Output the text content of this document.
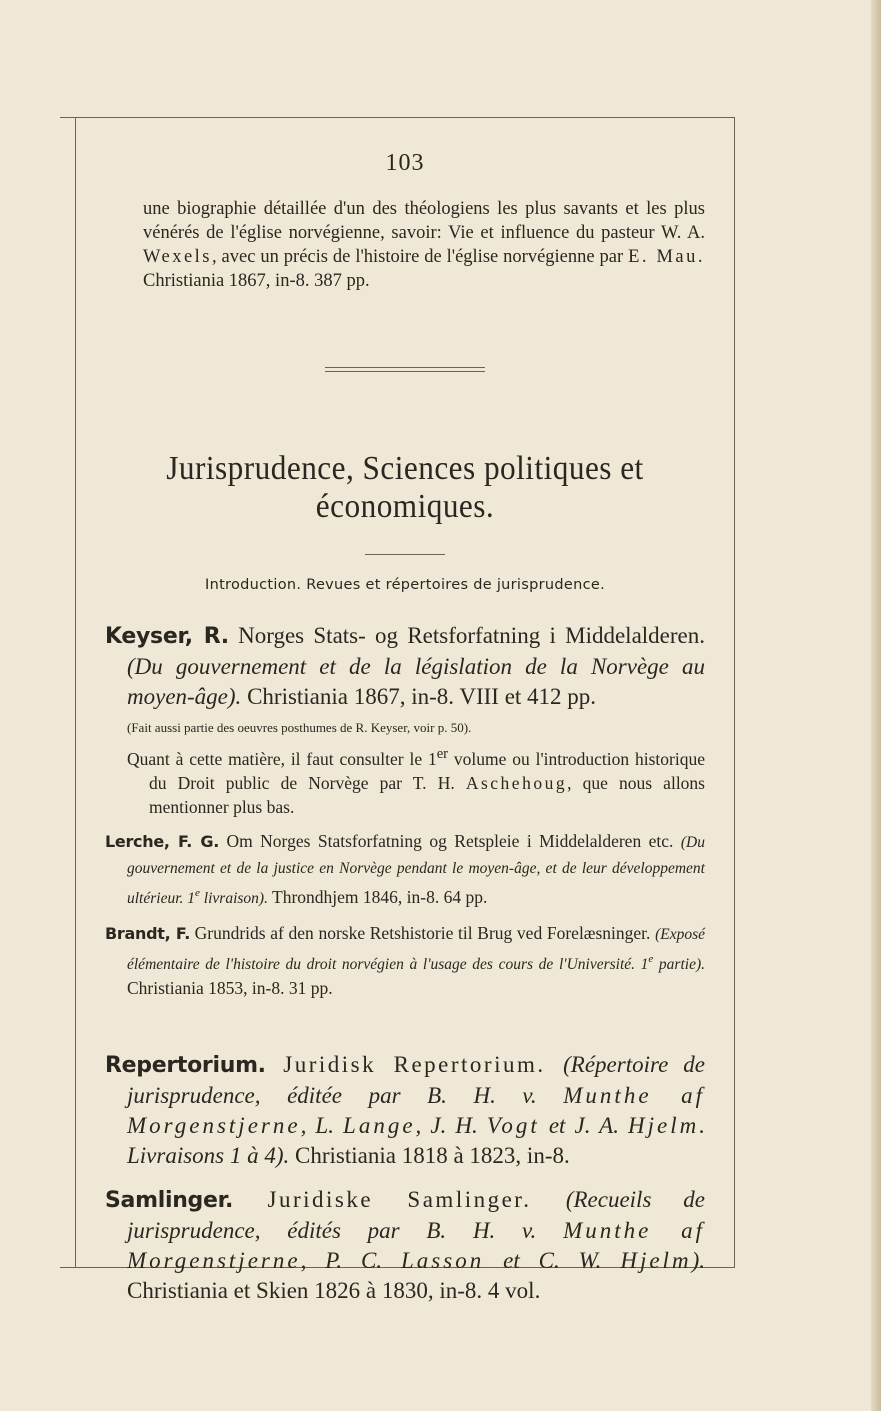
103
une biographie détaillée d'un des théologiens les plus savants et les plus vénérés de l'église norvégienne, savoir: Vie et influence du pasteur W. A. Wexels, avec un précis de l'histoire de l'église norvégienne par E. Mau. Christiania 1867, in-8. 387 pp.
Jurisprudence, Sciences politiques et économiques.
Introduction. Revues et répertoires de jurisprudence.
Keyser, R. Norges Stats- og Retsforfatning i Middelalderen. (Du gouvernement et de la législation de la Norvège au moyen-âge). Christiania 1867, in-8. VIII et 412 pp.
(Fait aussi partie des oeuvres posthumes de R. Keyser, voir p. 50).
Quant à cette matière, il faut consulter le 1er volume ou l'introduction historique du Droit public de Norvège par T. H. Aschehoug, que nous allons mentionner plus bas.
Lerche, F. G. Om Norges Statsforfatning og Retspleie i Middelalderen etc. (Du gouvernement et de la justice en Norvège pendant le moyen-âge, et de leur développement ultérieur. 1e livraison). Throndhjem 1846, in-8. 64 pp.
Brandt, F. Grundrids af den norske Retshistorie til Brug ved Forelæsninger. (Exposé élémentaire de l'histoire du droit norvégien à l'usage des cours de l'Université. 1e partie). Christiania 1853, in-8. 31 pp.
Repertorium. Juridisk Repertorium. (Répertoire de jurisprudence, éditée par B. H. v. Munthe af Morgenstjerne, L. Lange, J. H. Vogt et J. A. Hjelm. Livraisons 1 à 4). Christiania 1818 à 1823, in-8.
Samlinger. Juridiske Samlinger. (Recueils de jurisprudence, édités par B. H. v. Munthe af Morgenstjerne, P. C. Lasson et C. W. Hjelm). Christiania et Skien 1826 à 1830, in-8. 4 vol.
